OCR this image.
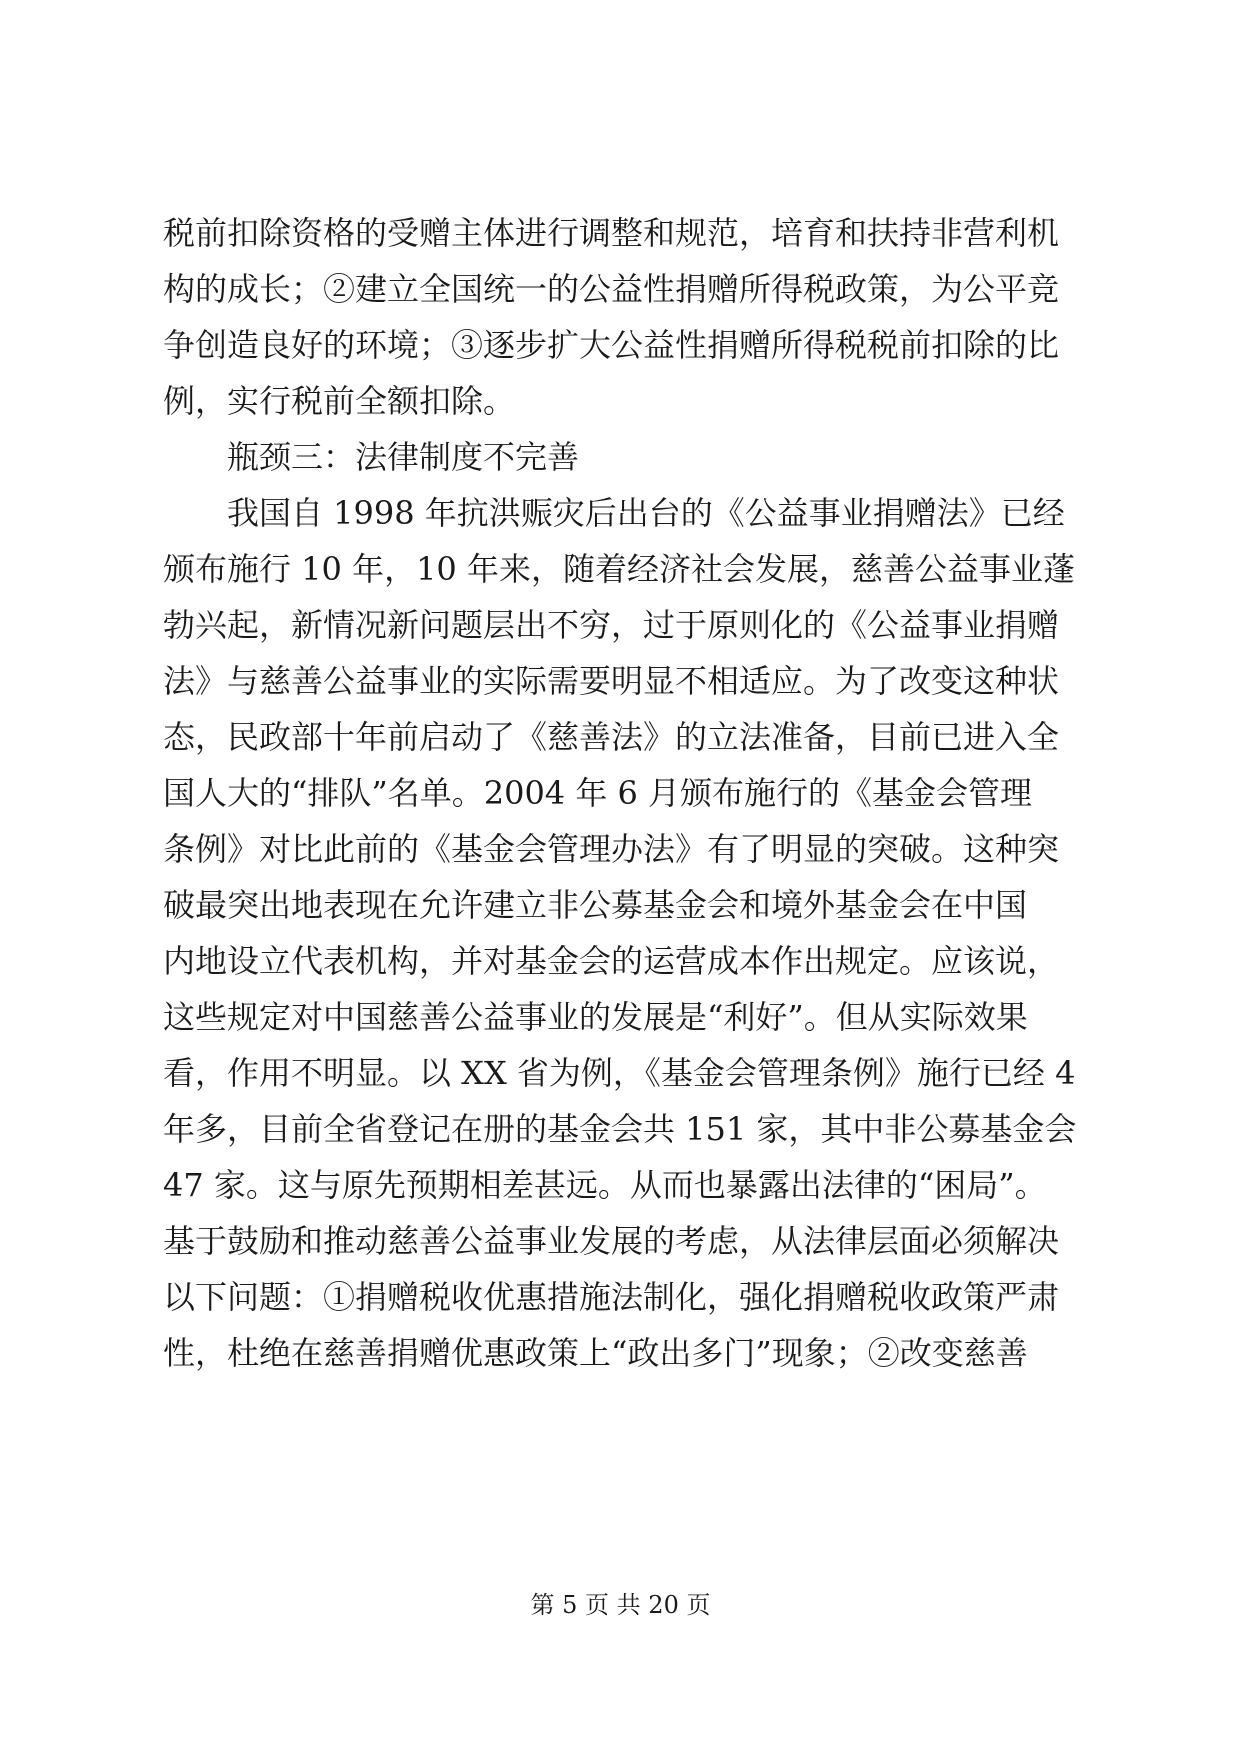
税前扣除资格的受赠主体进行调整和规范，培育和扶持非营利机
构的成长；②建立全国统一的公益性捐赠所得税政策，为公平竞
争创造良好的环境；③逐步扩大公益性捐赠所得税税前扣除的比
例，实行税前全额扣除。
　　瓶颈三：法律制度不完善
　　我国自 1998 年抗洪赈灾后出台的《公益事业捐赠法》已经
颁布施行 10 年，10 年来，随着经济社会发展，慈善公益事业蓬
勃兴起，新情况新问题层出不穷，过于原则化的《公益事业捐赠
法》与慈善公益事业的实际需要明显不相适应。为了改变这种状
态，民政部十年前启动了《慈善法》的立法准备，目前已进入全
国人大的“排队”名单。2004 年 6 月颁布施行的《基金会管理
条例》对比此前的《基金会管理办法》有了明显的突破。这种突
破最突出地表现在允许建立非公募基金会和境外基金会在中国
内地设立代表机构，并对基金会的运营成本作出规定。应该说，
这些规定对中国慈善公益事业的发展是“利好”。但从实际效果
看，作用不明显。以 XX 省为例，《基金会管理条例》施行已经 4
年多，目前全省登记在册的基金会共 151 家，其中非公募基金会
47 家。这与原先预期相差甚远。从而也暴露出法律的“困局”。
基于鼓励和推动慈善公益事业发展的考虑，从法律层面必须解决
以下问题：①捐赠税收优惠措施法制化，强化捐赠税收政策严肃
性，杜绝在慈善捐赠优惠政策上“政出多门”现象；②改变慈善
第 5 页 共 20 页
